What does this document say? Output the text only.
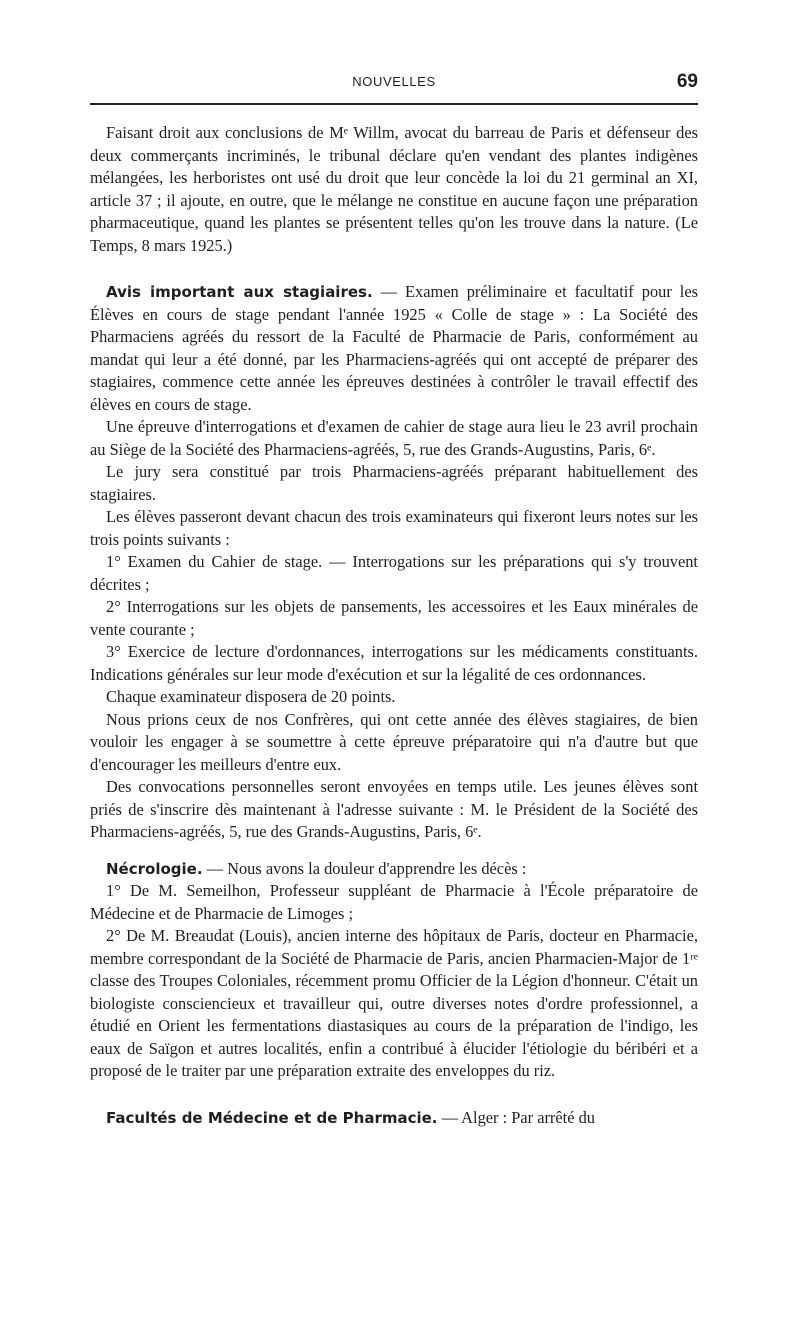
NOUVELLES	69

Faisant droit aux conclusions de Mᵉ Willm, avocat du barreau de Paris et défenseur des deux commerçants incriminés, le tribunal déclare qu'en vendant des plantes indigènes mélangées, les herboristes ont usé du droit que leur concède la loi du 21 germinal an XI, article 37 ; il ajoute, en outre, que le mélange ne constitue en aucune façon une préparation pharmaceutique, quand les plantes se présentent telles qu'on les trouve dans la nature. (Le Temps, 8 mars 1925.)

Avis important aux stagiaires. — Examen préliminaire et facultatif pour les Élèves en cours de stage pendant l'année 1925 « Colle de stage » : La Société des Pharmaciens agréés du ressort de la Faculté de Pharmacie de Paris, conformément au mandat qui leur a été donné, par les Pharmaciens-agréés qui ont accepté de préparer des stagiaires, commence cette année les épreuves destinées à contrôler le travail effectif des élèves en cours de stage.

Une épreuve d'interrogations et d'examen de cahier de stage aura lieu le 23 avril prochain au Siège de la Société des Pharmaciens-agréés, 5, rue des Grands-Augustins, Paris, 6ᵉ.

Le jury sera constitué par trois Pharmaciens-agréés préparant habituellement des stagiaires.

Les élèves passeront devant chacun des trois examinateurs qui fixeront leurs notes sur les trois points suivants :

1° Examen du Cahier de stage. — Interrogations sur les préparations qui s'y trouvent décrites ;

2° Interrogations sur les objets de pansements, les accessoires et les Eaux minérales de vente courante ;

3° Exercice de lecture d'ordonnances, interrogations sur les médicaments constituants. Indications générales sur leur mode d'exécution et sur la légalité de ces ordonnances.

Chaque examinateur disposera de 20 points.

Nous prions ceux de nos Confrères, qui ont cette année des élèves stagiaires, de bien vouloir les engager à se soumettre à cette épreuve préparatoire qui n'a d'autre but que d'encourager les meilleurs d'entre eux.

Des convocations personnelles seront envoyées en temps utile. Les jeunes élèves sont priés de s'inscrire dès maintenant à l'adresse suivante : M. le Président de la Société des Pharmaciens-agréés, 5, rue des Grands-Augustins, Paris, 6ᵉ.

Nécrologie. — Nous avons la douleur d'apprendre les décès :

1° De M. Semeilhon, Professeur suppléant de Pharmacie à l'École préparatoire de Médecine et de Pharmacie de Limoges ;

2° De M. Breaudat (Louis), ancien interne des hôpitaux de Paris, docteur en Pharmacie, membre correspondant de la Société de Pharmacie de Paris, ancien Pharmacien-Major de 1ʳᵉ classe des Troupes Coloniales, récemment promu Officier de la Légion d'honneur. C'était un biologiste consciencieux et travailleur qui, outre diverses notes d'ordre professionnel, a étudié en Orient les fermentations diastasiques au cours de la préparation de l'indigo, les eaux de Saïgon et autres localités, enfin a contribué à élucider l'étiologie du béribéri et a proposé de le traiter par une préparation extraite des enveloppes du riz.

Facultés de Médecine et de Pharmacie. — Alger : Par arrêté du
